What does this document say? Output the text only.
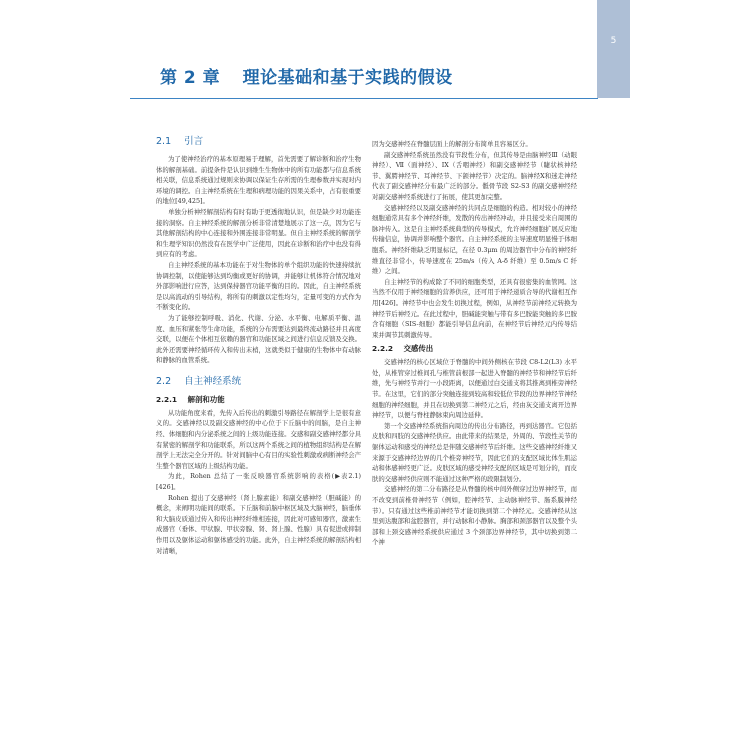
5
第 2 章 理论基础和基于实践的假设
2.1 引言

为了使神经治疗的基本原理易于理解，首先需要了解诊断和治疗生物体的解剖基础。前提条件是认识到维生生物体中的所有功能都与信息系统相关联，信息系统通过规则来协调以保证生存所需的生理参数并实现对内环境的调控。自主神经系统在生理和病理功能的因果关系中，占有很重要的地位[49,425]。

单独分析神经解剖结构有时有助于更透彻地认识，但是缺少对功能连接的洞察。自主神经系统的解剖分析非常清楚地展示了这一点，因为它与其他解剖结构的中心连接和外围连接非常明显。但自主神经系统的解剖学和生理学知识仍然没有在医学中广泛使用，因此在诊断和治疗中也没有得到应有的考虑。

自主神经系统的基本功能在于对生物体的单个组织功能的快速持续抗协调控制，以使能够达到均衡或更好的协调，并能够让机体符合情况地对外部影响进行应答，达到保持器官功能平衡的目的。因此，自主神经系统是以高流动的引导结构，将所有的刺激以定性均匀，定量可变的方式作为不断变化的。

为了能够控制呼吸、消化、代谢、分泌、水平衡、电解质平衡、温度、血压和紧张等生命功能，系统的分布需要达到最终流动路径并且高度交联，以便在个体相互依赖的器官和功能区域之间进行信息反馈及交换。此外还需要神经循环传入和传出末梢，这就类似于健康的生物体中有动脉和静脉的血管系统。

2.2 自主神经系统
2.2.1 解剖和功能

从功能角度来看，先传入后传出的刺激引导路径在解剖学上是很有意义的。交感神经以及副交感神经的中心位于下丘脑中的间脑，是自主神经、体细胞和内分泌系统之间的上级功能连接。交感和副交感神经都分具有紧密的解剖学和功能联系，所以这两个系统之间的植物组织结构是在解剖学上无法完全分开的。针对间脑中心有目的实验性刺激或病断神经会产生整个器官区域的上级结构功能。

为此，Rohen 总结了一张反映器官系统影响的表格(▶表2.1)[426]。

Rohen 提出了交感神经（肾上腺素能）和副交感神经（胆碱能）的概念，来阐明功能间的联系。下丘脑和前脑中枢区域及大脑神经，脑垂体和大脑皮质通过传入和传出神经纤维相连接，因此对可感知器官，激素生成器官（垂体、甲状腺、甲状旁腺、肾、肾上腺、性腺）具有促进或抑制作用以及躯体运动和躯体感受的功能。此外，自主神经系统的解剖结构相对清晰，

因为交感神经在脊髓层面上的解剖分布简单且容易区分。

副交感神经系统虽然没有节段性分布，但其传导是由脑神经Ⅲ（动眼神经）、Ⅶ（面神经）、IX（舌咽神经）和副交感神经节（睫状核神经节、翼腭神经节、耳神经节、下颌神经节）决定的。脑神经Ⅹ和迷走神经代表了副交感神经分布最广泛的部分。骶骨节段 S2-S3 的副交感神经经对副交感神经系统进行了拓展，使其更加完整。

交感神经经以及副交感神经的共同点是细胞的构造。相对较小的神经细胞通常具有多个神经纤维，发散的传出神经冲动，并且接受来自周围的脉冲传入。这是自主神经系统典型的传导模式，允许神经细胞扩展反应地传输信息，协调并影响整个器官。自主神经系统的主导速度明显慢于体细胞系。神经纤维缺乏明显标记，在径 0.3μm 的周边器官中分布的神经纤维直径非常小，传导速度在 25m/s（传入 A-δ 纤维）至 0.5m/s C 纤维）之间。

自主神经节的构成除了不同的细胞类型，还具有很密集的血管网。这当然不仅用于神经细胞的营养供应，还可用于神经递质合导的代谢相互作用[426]。神经节中也会发生切换过程，例如，从神经节前神经元转换为神经节后神经元。在此过程中，胆碱能突触与带有多巴胺能突触的多巴胺含有细胞（SIS-细胞）都能引导信息向前，在神经节后神经元内传导结束并调节其刺激传导。

2.2.2 交感传出

交感神经的核心区域位于脊髓的中间外侧核在节段 C8-L2(L3) 水平处，从椎管穿过椎间孔与椎管前根部一起进入脊髓的神经节和神经节后纤维，先与神经节并行一小段距离，以便通过白交通支将其推离到椎旁神经节。在这里，它们的部分突触连接到较高和较低位节段的边界神经节神经细胞的神经细胞，并且在切换到第二神经元之后，经由灰交通支离开边界神经节，以便与脊柱静脉束向周边延伸。

第一个交感神经系统指向周边的传出分布路径，再到达器官。它包括皮肤和四肢的交感神经供应。由此带来的结果是，外周的、节段性关节的躯体运动和感受的神经总是伴随交感神经节后纤维。这些交感神经纤维又来源于交感神经边界的几个椎旁神经节，因此它们的支配区域比体生肌运动和体感神经更广泛。皮肤区域的感受神经支配的区域是可划分的，而皮肤的交感神经供应则不能通过这种严格的段限制划分。

交感神经的第二分布路径是从脊髓的核中间外侧穿过边界神经节，而不改变到前椎骨神经节（例如，腔神经节、主动脉神经节、肠系膜神经节）。只有通过这些椎前神经节才能切换到第二个神经元。交感神经从这里到达腹部和盆腔器官，并行动脉和小静脉。胸部和颈部器官以及整个头部和上颈交感神经系统供应通过 3 个颈部边界神经节，其中切换到第二个神
